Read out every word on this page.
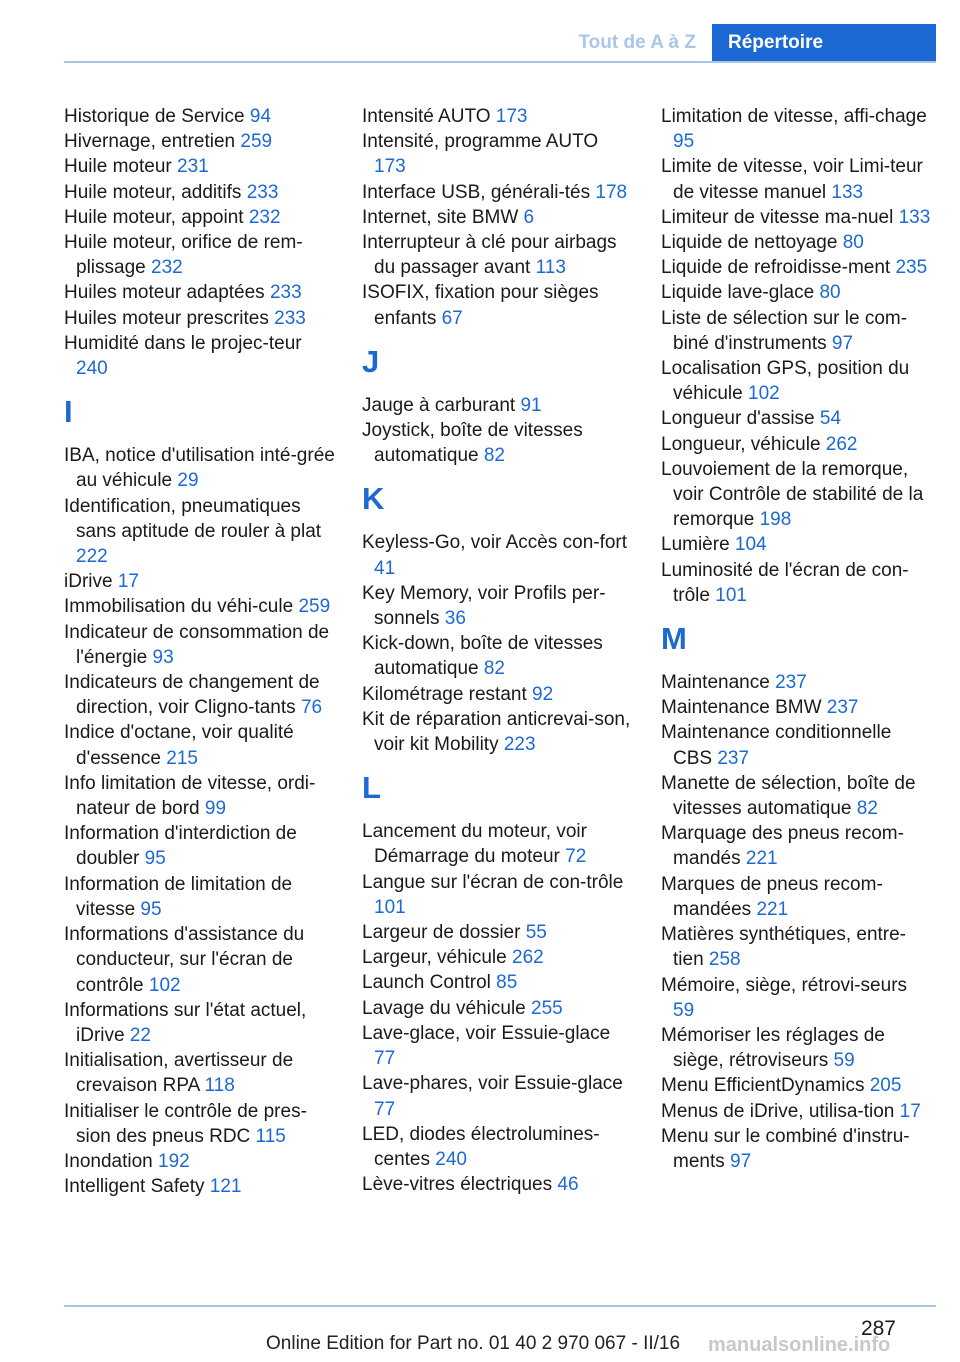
Tout de A à Z	Répertoire
Historique de Service 94
Hivernage, entretien 259
Huile moteur 231
Huile moteur, additifs 233
Huile moteur, appoint 232
Huile moteur, orifice de rem‐plissage 232
Huiles moteur adaptées 233
Huiles moteur prescrites 233
Humidité dans le projec‐teur 240
I
IBA, notice d'utilisation inté‐grée au véhicule 29
Identification, pneumatiques sans aptitude de rouler à plat 222
iDrive 17
Immobilisation du véhi‐cule 259
Indicateur de consommation de l'énergie 93
Indicateurs de changement de direction, voir Cligno‐tants 76
Indice d'octane, voir qualité d'essence 215
Info limitation de vitesse, ordi‐nateur de bord 99
Information d'interdiction de doubler 95
Information de limitation de vitesse 95
Informations d'assistance du conducteur, sur l'écran de contrôle 102
Informations sur l'état actuel, iDrive 22
Initialisation, avertisseur de crevaison RPA 118
Initialiser le contrôle de pres‐sion des pneus RDC 115
Inondation 192
Intelligent Safety 121
Intensité AUTO 173
Intensité, programme AUTO 173
Interface USB, générali‐tés 178
Internet, site BMW 6
Interrupteur à clé pour airbags du passager avant 113
ISOFIX, fixation pour sièges enfants 67
J
Jauge à carburant 91
Joystick, boîte de vitesses automatique 82
K
Keyless-Go, voir Accès con‐fort 41
Key Memory, voir Profils per‐sonnels 36
Kick-down, boîte de vitesses automatique 82
Kilométrage restant 92
Kit de réparation anticrevai‐son, voir kit Mobility 223
L
Lancement du moteur, voir Démarrage du moteur 72
Langue sur l'écran de con‐trôle 101
Largeur de dossier 55
Largeur, véhicule 262
Launch Control 85
Lavage du véhicule 255
Lave-glace, voir Essuie-glace 77
Lave-phares, voir Essuie-glace 77
LED, diodes électrolumines‐centes 240
Lève-vitres électriques 46
Limitation de vitesse, affi‐chage 95
Limite de vitesse, voir Limi‐teur de vitesse manuel 133
Limiteur de vitesse ma‐nuel 133
Liquide de nettoyage 80
Liquide de refroidisse‐ment 235
Liquide lave-glace 80
Liste de sélection sur le com‐biné d'instruments 97
Localisation GPS, position du véhicule 102
Longueur d'assise 54
Longueur, véhicule 262
Louvoiement de la remorque, voir Contrôle de stabilité de la remorque 198
Lumière 104
Luminosité de l'écran de con‐trôle 101
M
Maintenance 237
Maintenance BMW 237
Maintenance conditionnelle CBS 237
Manette de sélection, boîte de vitesses automatique 82
Marquage des pneus recom‐mandés 221
Marques de pneus recom‐mandées 221
Matières synthétiques, entre‐tien 258
Mémoire, siège, rétrovi‐seurs 59
Mémoriser les réglages de siège, rétroviseurs 59
Menu EfficientDynamics 205
Menus de iDrive, utilisa‐tion 17
Menu sur le combiné d'instru‐ments 97
287
Online Edition for Part no. 01 40 2 970 067 - II/16 manualsonline.info
